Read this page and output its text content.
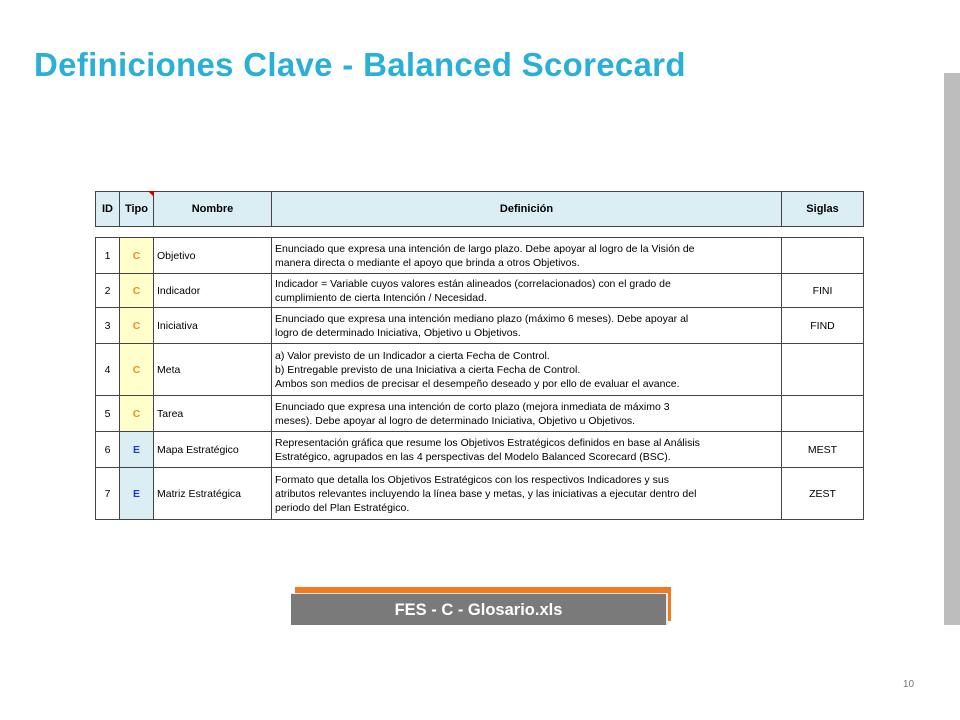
Definiciones Clave - Balanced Scorecard
ID	Tipo	Nombre	Definición	Siglas
1	C	Objetivo	Enunciado que expresa una intención de largo plazo. Debe apoyar al logro de la Visión de
manera directa o mediante el apoyo que brinda a otros Objetivos.	

2	C	Indicador	Indicador = Variable cuyos valores están alineados (correlacionados) con el grado de
cumplimiento de cierta Intención / Necesidad.	FINI
3	C	Iniciativa	Enunciado que expresa una intención mediano plazo (máximo 6 meses). Debe apoyar al
logro de determinado Iniciativa, Objetivo u Objetivos.	FIND
4	C	Meta	a) Valor previsto de un Indicador a cierta Fecha de Control.
b) Entregable previsto de una Iniciativa a cierta Fecha de Control.
Ambos son medios de precisar el desempeño deseado y por ello de evaluar el avance.	

5	C	Tarea	Enunciado que expresa una intención de corto plazo (mejora inmediata de máximo 3
meses). Debe apoyar al logro de determinado Iniciativa, Objetivo u Objetivos.	

6	E	Mapa Estratégico	Representación gráfica que resume los Objetivos Estratégicos definidos en base al Análisis
Estratégico, agrupados en las 4 perspectivas del Modelo Balanced Scorecard (BSC).	MEST
7	E	Matriz Estratégica	Formato que detalla los Objetivos Estratégicos con los respectivos Indicadores y sus
atributos relevantes incluyendo la línea base y metas, y las iniciativas a ejecutar dentro del
periodo del Plan Estratégico.	ZEST
FES - C - Glosario.xls
10
